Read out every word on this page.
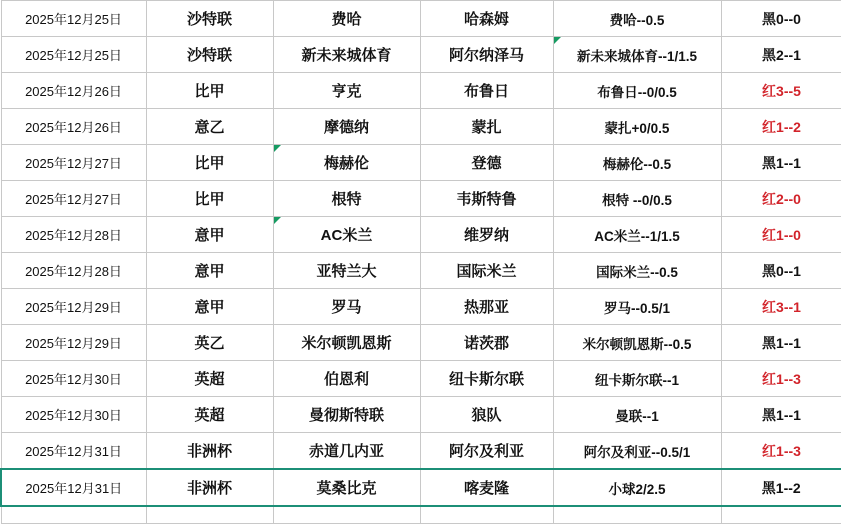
2025年12月25日	沙特联	费哈	哈森姆	费哈--0.5	黑0--0
2025年12月25日	沙特联	新未来城体育	阿尔纳泽马	新未来城体育--1/1.5	黑2--1
2025年12月26日	比甲	亨克	布鲁日	布鲁日--0/0.5	红3--5
2025年12月26日	意乙	摩德纳	蒙扎	蒙扎+0/0.5	红1--2
2025年12月27日	比甲	梅赫伦	登德	梅赫伦--0.5	黑1--1
2025年12月27日	比甲	根特	韦斯特鲁	根特 --0/0.5	红2--0
2025年12月28日	意甲	AC米兰	维罗纳	AC米兰--1/1.5	红1--0
2025年12月28日	意甲	亚特兰大	国际米兰	国际米兰--0.5	黑0--1
2025年12月29日	意甲	罗马	热那亚	罗马--0.5/1	红3--1
2025年12月29日	英乙	米尔顿凯恩斯	诺茨郡	米尔顿凯恩斯--0.5	黑1--1
2025年12月30日	英超	伯恩利	纽卡斯尔联	纽卡斯尔联--1	红1--3
2025年12月30日	英超	曼彻斯特联	狼队	曼联--1	黑1--1
2025年12月31日	非洲杯	赤道几内亚	阿尔及利亚	阿尔及利亚--0.5/1	红1--3
2025年12月31日	非洲杯	莫桑比克	喀麦隆	小球2/2.5	黑1--2
